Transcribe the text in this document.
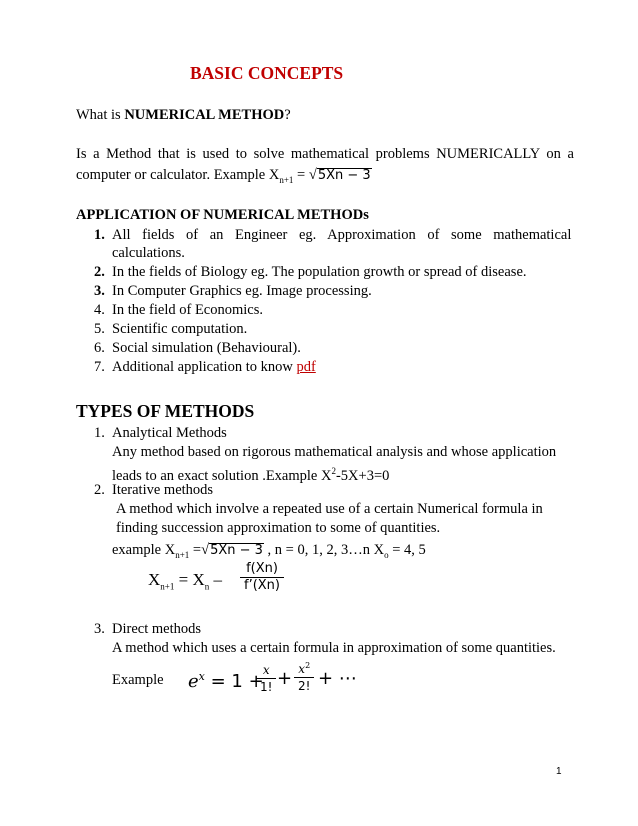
BASIC CONCEPTS
What is NUMERICAL METHOD?
Is a Method that is used to solve mathematical problems NUMERICALLY on a
computer or calculator. Example $X_{n+1} = √5Xn - 3$
APPLICATION OF NUMERICAL METHODs
1. All fields of an Engineer eg. Approximation of some mathematical
calculations.
2. In the fields of Biology eg. The population growth or spread of disease.
3. In Computer Graphics eg. Image processing.
4. In the field of Economics.
5. Scientific computation.
6. Social simulation (Behavioural).
7. Additional application to know pdf
TYPES OF METHODS
1. Analytical Methods
Any method based on rigorous mathematical analysis and whose application
leads to an exact solution .Example $X^2-5X+3=0$
2. Iterative methods
A method which involve a repeated use of a certain Numerical formula in
finding succession approximation to some of quantities.
example $X_{n+1} =√5Xn - 3$ , n = 0, 1, 2, 3…n $X_o = 4$, 5
$X_{n+1} = X_n - \frac{f(Xn)}{f’(Xn)}$
3. Direct methods
A method which uses a certain formula in approximation of some quantities.
Example $e^x = 1$ +
$\frac{x}{1!} + \frac{x^2}{2!}$ + ⋯
1
